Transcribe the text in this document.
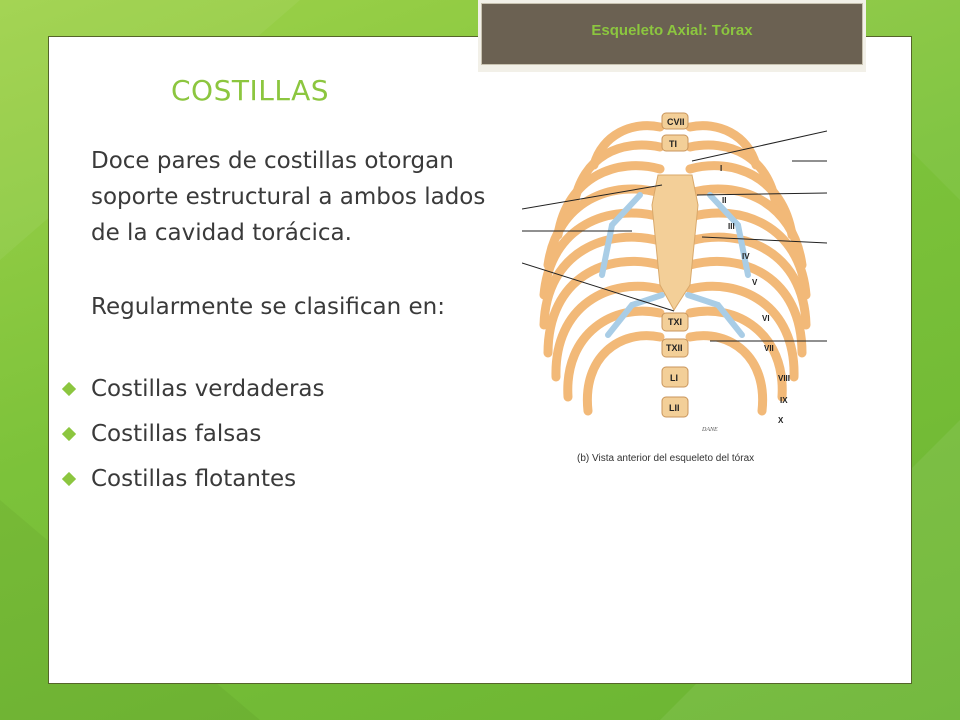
Esqueleto Axial: Tórax
COSTILLAS

Doce pares de costillas otorgan soporte estructural a ambos lados de la cavidad torácica.

Regularmente se clasifican en:

Costillas verdaderas
Costillas falsas
Costillas flotantes
CVII
TI
TXI
TXII
LI
LII
I
II
III
IV
V
VI
VII
VIII
IX
X
DANE
(b) Vista anterior del esqueleto del tórax
